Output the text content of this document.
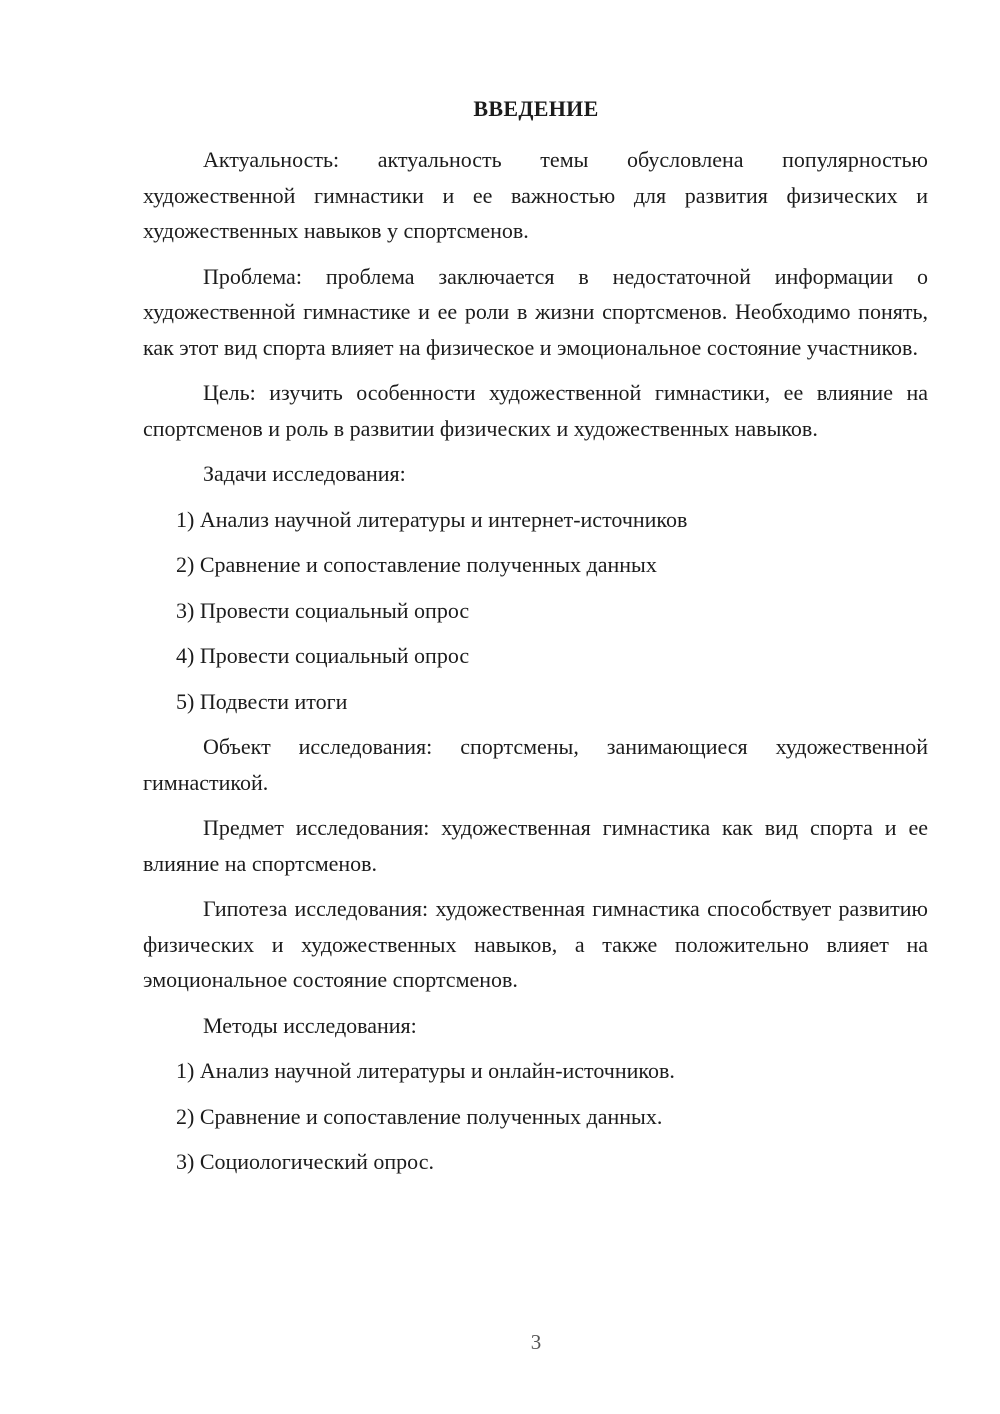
ВВЕДЕНИЕ

Актуальность: актуальность темы обусловлена популярностью художественной гимнастики и ее важностью для развития физических и художественных навыков у спортсменов.

Проблема: проблема заключается в недостаточной информации о художественной гимнастике и ее роли в жизни спортсменов. Необходимо понять, как этот вид спорта влияет на физическое и эмоциональное состояние участников.

Цель: изучить особенности художественной гимнастики, ее влияние на спортсменов и роль в развитии физических и художественных навыков.

Задачи исследования:

1) Анализ научной литературы и интернет-источников

2) Сравнение и сопоставление полученных данных

3) Провести социальный опрос

4) Провести социальный опрос

5) Подвести итоги

Объект исследования: спортсмены, занимающиеся художественной гимнастикой.

Предмет исследования: художественная гимнастика как вид спорта и ее влияние на спортсменов.

Гипотеза исследования: художественная гимнастика способствует развитию физических и художественных навыков, а также положительно влияет на эмоциональное состояние спортсменов.

Методы исследования:

1) Анализ научной литературы и онлайн-источников.

2) Сравнение и сопоставление полученных данных.

3) Социологический опрос.

3
